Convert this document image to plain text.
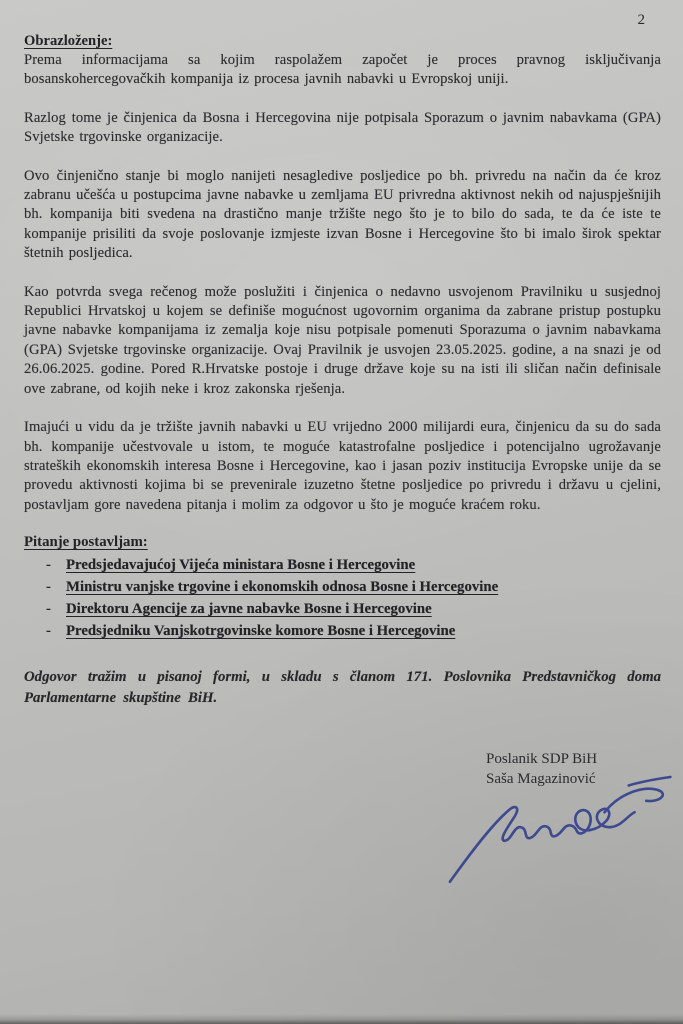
2
Obrazloženje:

Prema informacijama sa kojim raspolažem započet je proces pravnog isključivanja bosanskohercegovačkih kompanija iz procesa javnih nabavki u Evropskoj uniji.

Razlog tome je činjenica da Bosna i Hercegovina nije potpisala Sporazum o javnim nabavkama (GPA) Svjetske trgovinske organizacije.

Ovo činjenično stanje bi moglo nanijeti nesagledive posljedice po bh. privredu na način da će kroz zabranu učešća u postupcima javne nabavke u zemljama EU privredna aktivnost nekih od najuspješnijih bh. kompanija biti svedena na drastično manje tržište nego što je to bilo do sada, te da će iste te kompanije prisiliti da svoje poslovanje izmjeste izvan Bosne i Hercegovine što bi imalo širok spektar štetnih posljedica.

Kao potvrda svega rečenog može poslužiti i činjenica o nedavno usvojenom Pravilniku u susjednoj Republici Hrvatskoj u kojem se definiše mogućnost ugovornim organima da zabrane pristup postupku javne nabavke kompanijama iz zemalja koje nisu potpisale pomenuti Sporazuma o javnim nabavkama (GPA) Svjetske trgovinske organizacije. Ovaj Pravilnik je usvojen 23.05.2025. godine, a na snazi je od 26.06.2025. godine. Pored R.Hrvatske postoje i druge države koje su na isti ili sličan način definisale ove zabrane, od kojih neke i kroz zakonska rješenja.

Imajući u vidu da je tržište javnih nabavki u EU vrijedno 2000 milijardi eura, činjenicu da su do sada bh. kompanije učestvovale u istom, te moguće katastrofalne posljedice i potencijalno ugrožavanje strateških ekonomskih interesa Bosne i Hercegovine, kao i jasan poziv institucija Evropske unije da se provedu aktivnosti kojima bi se prevenirale izuzetno štetne posljedice po privredu i državu u cjelini, postavljam gore navedena pitanja i molim za odgovor u što je moguće kraćem roku.

Pitanje postavljam:
-	Predsjedavajućoj Vijeća ministara Bosne i Hercegovine
-	Ministru vanjske trgovine i ekonomskih odnosa Bosne i Hercegovine
-	Direktoru Agencije za javne nabavke Bosne i Hercegovine
-	Predsjedniku Vanjskotrgovinske komore Bosne i Hercegovine

Odgovor tražim u pisanoj formi, u skladu s članom 171. Poslovnika Predstavničkog doma Parlamentarne skupštine BiH.

Poslanik SDP BiH
Saša Magazinović
